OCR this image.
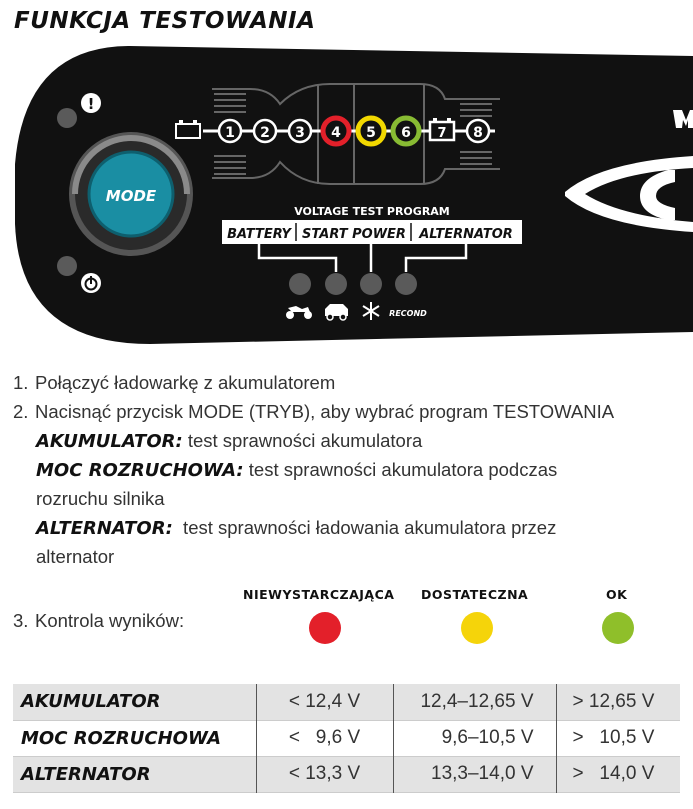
FUNKCJA TESTOWANIA
MODE
!
1 2 3 4 5 6 7 8
VOLTAGE TEST PROGRAM
BATTERY START POWER ALTERNATOR
RECOND
1. Połączyć ładowarkę z akumulatorem
2. Nacisnąć przycisk MODE (TRYB), aby wybrać program TESTOWANIA
AKUMULATOR: test sprawności akumulatora
MOC ROZRUCHOWA: test sprawności akumulatora podczas
rozruchu silnika
ALTERNATOR:  test sprawności ładowania akumulatora przez
alternator
3. Kontrola wyników:
NIEWYSTARCZAJĄCA DOSTATECZNA	OK
AKUMULATOR	< 12,4 V	12,4–12,65 V	> 12,65 V
MOC ROZRUCHOWA	<   9,6 V	9,6–10,5 V	>   10,5 V
ALTERNATOR	< 13,3 V	13,3–14,0 V	>   14,0 V
